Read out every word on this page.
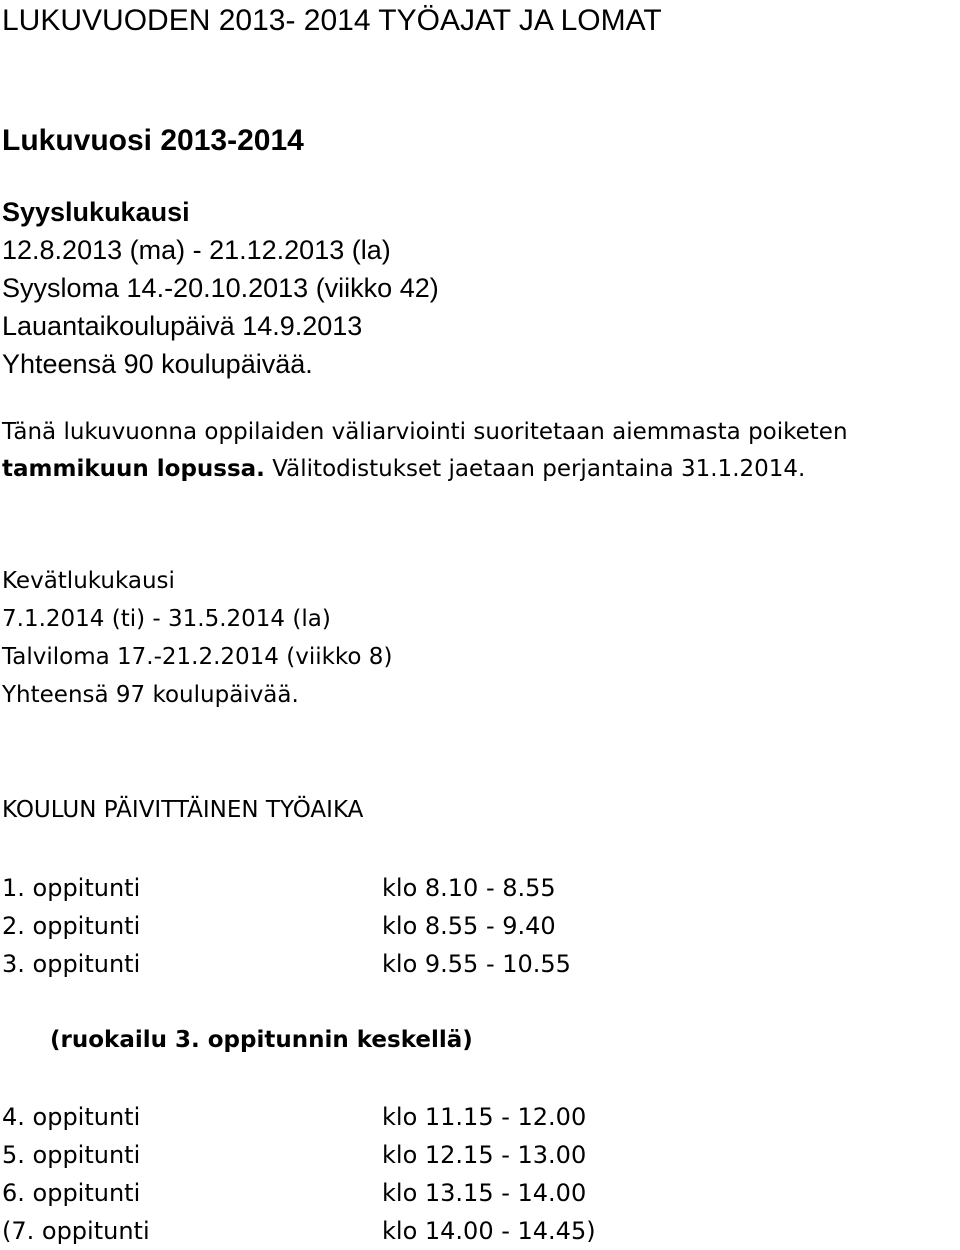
LUKUVUODEN 2013- 2014 TYÖAJAT JA LOMAT
Lukuvuosi 2013-2014
Syyslukukausi
12.8.2013 (ma) - 21.12.2013 (la)
Syysloma 14.-20.10.2013 (viikko 42)
Lauantaikoulupäivä 14.9.2013
Yhteensä 90 koulupäivää.
Tänä lukuvuonna oppilaiden väliarviointi suoritetaan aiemmasta poiketen
tammikuun lopussa. Välitodistukset jaetaan perjantaina 31.1.2014.
Kevätlukukausi
7.1.2014 (ti) - 31.5.2014 (la)
Talviloma 17.-21.2.2014 (viikko 8)
Yhteensä 97 koulupäivää.
KOULUN PÄIVITTÄINEN TYÖAIKA
1. oppitunti	klo 8.10 - 8.55
2. oppitunti	klo 8.55 - 9.40
3. oppitunti	klo 9.55 - 10.55
(ruokailu 3. oppitunnin keskellä)
4. oppitunti	klo 11.15 - 12.00
5. oppitunti	klo 12.15 - 13.00
6. oppitunti	klo 13.15 - 14.00
(7. oppitunti	klo 14.00 - 14.45)
